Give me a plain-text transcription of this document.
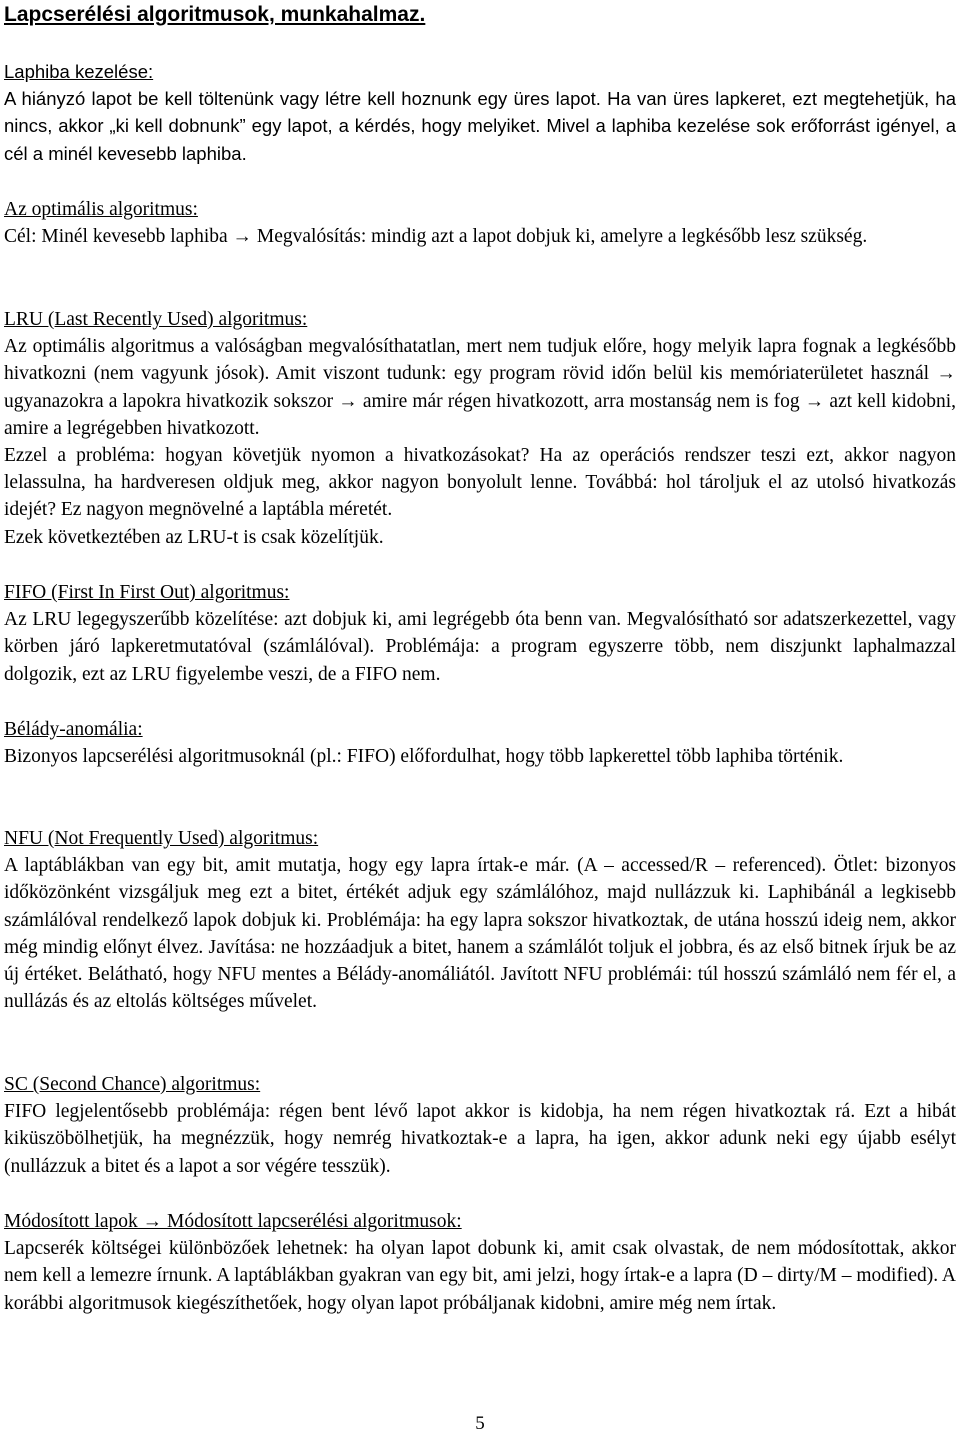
Lapcserélési algoritmusok, munkahalmaz.

Laphiba kezelése:

A hiányzó lapot be kell töltenünk vagy létre kell hoznunk egy üres lapot. Ha van üres lapkeret, ezt megtehetjük, ha nincs, akkor „ki kell dobnunk” egy lapot, a kérdés, hogy melyiket. Mivel a laphiba kezelése sok erőforrást igényel, a cél a minél kevesebb laphiba.

Az optimális algoritmus:

Cél: Minél kevesebb laphiba → Megvalósítás: mindig azt a lapot dobjuk ki, amelyre a legkésőbb lesz szükség.

LRU (Last Recently Used) algoritmus:

Az optimális algoritmus a valóságban megvalósíthatatlan, mert nem tudjuk előre, hogy melyik lapra fognak a legkésőbb hivatkozni (nem vagyunk jósok). Amit viszont tudunk: egy program rövid időn belül kis memóriaterületet használ → ugyanazokra a lapokra hivatkozik sokszor → amire már régen hivatkozott, arra mostanság nem is fog → azt kell kidobni, amire a legrégebben hivatkozott.

Ezzel a probléma: hogyan követjük nyomon a hivatkozásokat? Ha az operációs rendszer teszi ezt, akkor nagyon lelassulna, ha hardveresen oldjuk meg, akkor nagyon bonyolult lenne. Továbbá: hol tároljuk el az utolsó hivatkozás idejét? Ez nagyon megnövelné a laptábla méretét.

Ezek következtében az LRU-t is csak közelítjük.

FIFO (First In First Out) algoritmus:

Az LRU legegyszerűbb közelítése: azt dobjuk ki, ami legrégebb óta benn van. Megvalósítható sor adatszerkezettel, vagy körben járó lapkeretmutatóval (számlálóval). Problémája: a program egyszerre több, nem diszjunkt laphalmazzal dolgozik, ezt az LRU figyelembe veszi, de a FIFO nem.

Bélády-anomália:

Bizonyos lapcserélési algoritmusoknál (pl.: FIFO) előfordulhat, hogy több lapkerettel több laphiba történik.

NFU (Not Frequently Used) algoritmus:

A laptáblákban van egy bit, amit mutatja, hogy egy lapra írtak-e már. (A – accessed/R – referenced). Ötlet: bizonyos időközönként vizsgáljuk meg ezt a bitet, értékét adjuk egy számlálóhoz, majd nullázzuk ki. Laphibánál a legkisebb számlálóval rendelkező lapok dobjuk ki. Problémája: ha egy lapra sokszor hivatkoztak, de utána hosszú ideig nem, akkor még mindig előnyt élvez. Javítása: ne hozzáadjuk a bitet, hanem a számlálót toljuk el jobbra, és az első bitnek írjuk be az új értéket. Belátható, hogy NFU mentes a Bélády-anomáliától. Javított NFU problémái: túl hosszú számláló nem fér el, a nullázás és az eltolás költséges művelet.

SC (Second Chance) algoritmus:

FIFO legjelentősebb problémája: régen bent lévő lapot akkor is kidobja, ha nem régen hivatkoztak rá. Ezt a hibát kiküszöbölhetjük, ha megnézzük, hogy nemrég hivatkoztak-e a lapra, ha igen, akkor adunk neki egy újabb esélyt (nullázzuk a bitet és a lapot a sor végére tesszük).

Módosított lapok → Módosított lapcserélési algoritmusok:

Lapcserék költségei különbözőek lehetnek: ha olyan lapot dobunk ki, amit csak olvastak, de nem módosítottak, akkor nem kell a lemezre írnunk. A laptáblákban gyakran van egy bit, ami jelzi, hogy írtak-e a lapra (D – dirty/M – modified). A korábbi algoritmusok kiegészíthetőek, hogy olyan lapot próbáljanak kidobni, amire még nem írtak.

5
